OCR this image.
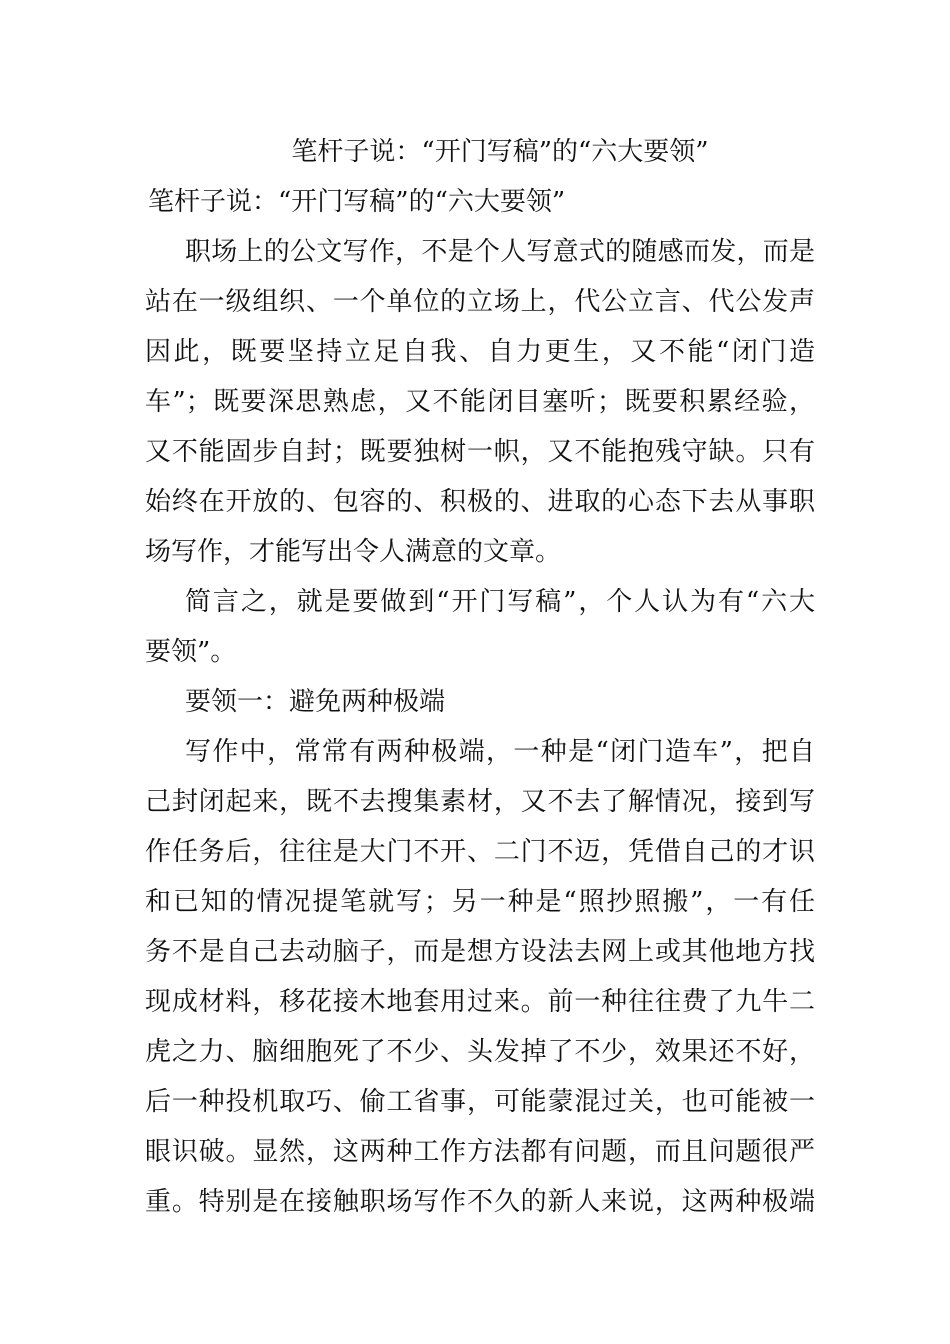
笔杆子说：“开门写稿”的“六大要领”
笔杆子说：“开门写稿”的“六大要领”
职场上的公文写作，不是个人写意式的随感而发，而是
站在一级组织、一个单位的立场上，代公立言、代公发声
因此，既要坚持立足自我、自力更生，又不能“闭门造
车”；既要深思熟虑，又不能闭目塞听；既要积累经验，
又不能固步自封；既要独树一帜，又不能抱残守缺。只有
始终在开放的、包容的、积极的、进取的心态下去从事职
场写作，才能写出令人满意的文章。
简言之，就是要做到“开门写稿”，个人认为有“六大
要领”。
要领一：避免两种极端
写作中，常常有两种极端，一种是“闭门造车”，把自
己封闭起来，既不去搜集素材，又不去了解情况，接到写
作任务后，往往是大门不开、二门不迈，凭借自己的才识
和已知的情况提笔就写；另一种是“照抄照搬”，一有任
务不是自己去动脑子，而是想方设法去网上或其他地方找
现成材料，移花接木地套用过来。前一种往往费了九牛二
虎之力、脑细胞死了不少、头发掉了不少，效果还不好，
后一种投机取巧、偷工省事，可能蒙混过关，也可能被一
眼识破。显然，这两种工作方法都有问题，而且问题很严
重。特别是在接触职场写作不久的新人来说，这两种极端
